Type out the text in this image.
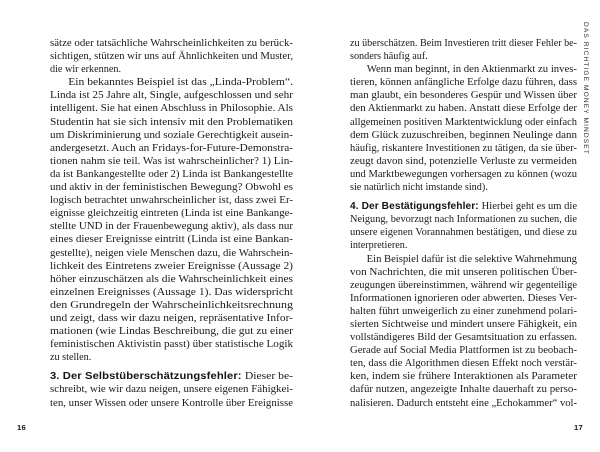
sätze oder tatsächliche Wahrscheinlichkeiten zu berück-
sichtigen, stützen wir uns auf Ähnlichkeiten und Muster,
die wir erkennen.
Ein bekanntes Beispiel ist das „Linda-Problem“.
Linda ist 25 Jahre alt, Single, aufgeschlossen und sehr
intelligent. Sie hat einen Abschluss in Philosophie. Als
Studentin hat sie sich intensiv mit den Problematiken
um Diskriminierung und soziale Gerechtigkeit ausein-
andergesetzt. Auch an Fridays-for-Future-Demonstra-
tionen nahm sie teil. Was ist wahrscheinlicher? 1) Lin-
da ist Bankangestellte oder 2) Linda ist Bankangestellte
und aktiv in der feministischen Bewegung? Obwohl es
logisch betrachtet unwahrscheinlicher ist, dass zwei Er-
eignisse gleichzeitig eintreten (Linda ist eine Bankange-
stellte UND in der Frauenbewegung aktiv), als dass nur
eines dieser Ereignisse eintritt (Linda ist eine Bankan-
gestellte), neigen viele Menschen dazu, die Wahrschein-
lichkeit des Eintretens zweier Ereignisse (Aussage 2)
höher einzuschätzen als die Wahrscheinlichkeit eines
einzelnen Ereignisses (Aussage 1). Das widerspricht
den Grundregeln der Wahrscheinlichkeitsrechnung
und zeigt, dass wir dazu neigen, repräsentative Infor-
mationen (wie Lindas Beschreibung, die gut zu einer
feministischen Aktivistin passt) über statistische Logik
zu stellen.
3. Der Selbstüberschätzungsfehler: Dieser be-
schreibt, wie wir dazu neigen, unsere eigenen Fähigkei-
ten, unser Wissen oder unsere Kontrolle über Ereignisse
zu überschätzen. Beim Investieren tritt dieser Fehler be-
sonders häufig auf.
Wenn man beginnt, in den Aktienmarkt zu inves-
tieren, können anfängliche Erfolge dazu führen, dass
man glaubt, ein besonderes Gespür und Wissen über
den Aktienmarkt zu haben. Anstatt diese Erfolge der
allgemeinen positiven Marktentwicklung oder einfach
dem Glück zuzuschreiben, beginnen Neulinge dann
häufig, riskantere Investitionen zu tätigen, da sie über-
zeugt davon sind, potenzielle Verluste zu vermeiden
und Marktbewegungen vorhersagen zu können (wozu
sie natürlich nicht imstande sind).
4. Der Bestätigungsfehler: Hierbei geht es um die
Neigung, bevorzugt nach Informationen zu suchen, die
unsere eigenen Vorannahmen bestätigen, und diese zu
interpretieren.
Ein Beispiel dafür ist die selektive Wahrnehmung
von Nachrichten, die mit unseren politischen Über-
zeugungen übereinstimmen, während wir gegenteilige
Informationen ignorieren oder abwerten. Dieses Ver-
halten führt unweigerlich zu einer zunehmend polari-
sierten Sichtweise und mindert unsere Fähigkeit, ein
vollständigeres Bild der Gesamtsituation zu erfassen.
Gerade auf Social Media Plattformen ist zu beobach-
ten, dass die Algorithmen diesen Effekt noch verstär-
ken, indem sie frühere Interaktionen als Parameter
dafür nutzen, angezeigte Inhalte dauerhaft zu perso-
nalisieren. Dadurch entsteht eine „Echokammer“ vol-
DAS RICHTIGE MONEY MINDSET
16	17
